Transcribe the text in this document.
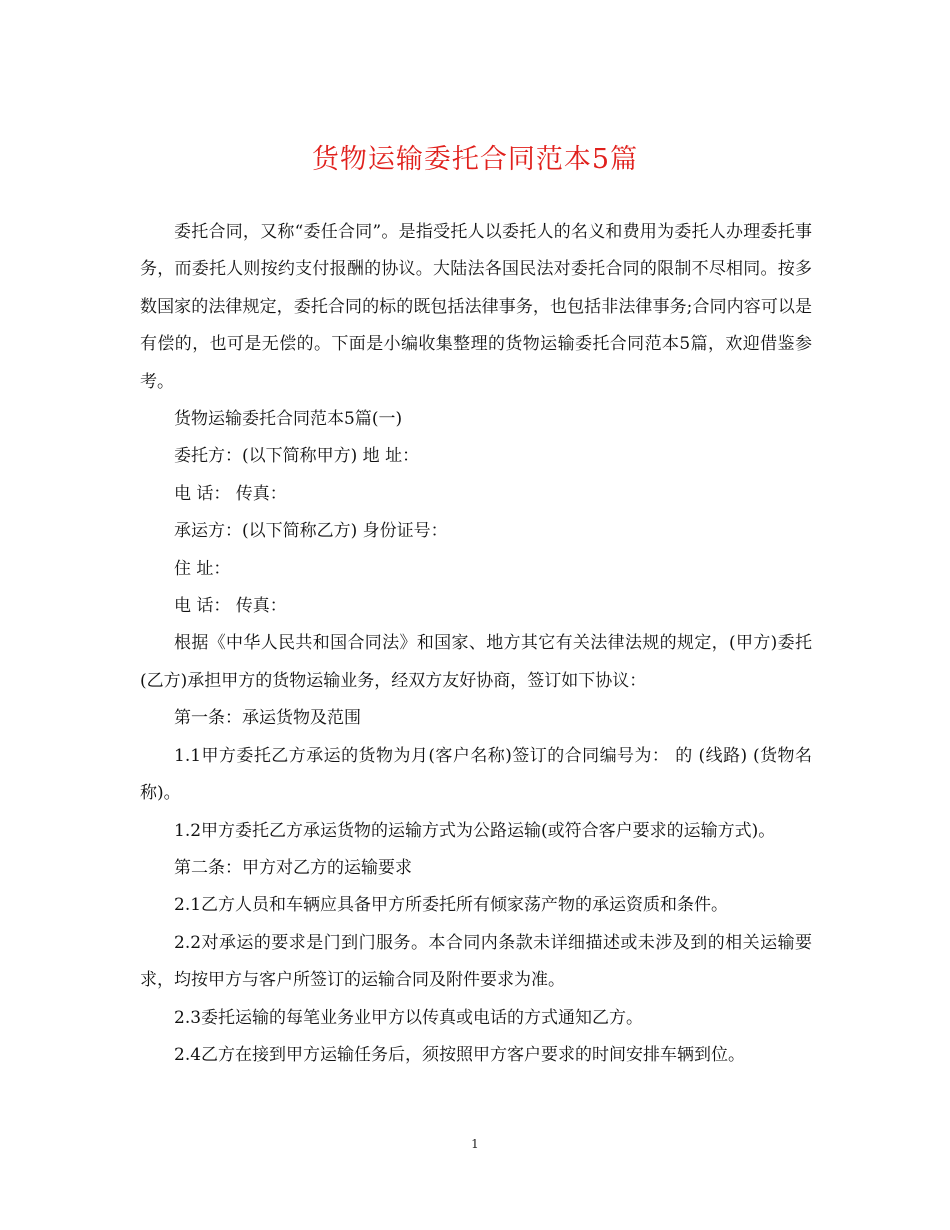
货物运输委托合同范本5篇

委托合同，又称“委任合同”。是指受托人以委托人的名义和费用为委托人办理委托事务，而委托人则按约支付报酬的协议。大陆法各国民法对委托合同的限制不尽相同。按多数国家的法律规定，委托合同的标的既包括法律事务，也包括非法律事务;合同内容可以是有偿的，也可是无偿的。下面是小编收集整理的货物运输委托合同范本5篇，欢迎借鉴参考。

货物运输委托合同范本5篇(一)

委托方：(以下简称甲方) 地 址：

电 话： 传真：

承运方：(以下简称乙方) 身份证号：

住 址：

电 话： 传真：

根据《中华人民共和国合同法》和国家、地方其它有关法律法规的规定，(甲方)委托 (乙方)承担甲方的货物运输业务，经双方友好协商，签订如下协议：

第一条：承运货物及范围

1.1甲方委托乙方承运的货物为月(客户名称)签订的合同编号为： 的 (线路) (货物名称)。

1.2甲方委托乙方承运货物的运输方式为公路运输(或符合客户要求的运输方式)。

第二条：甲方对乙方的运输要求

2.1乙方人员和车辆应具备甲方所委托所有倾家荡产物的承运资质和条件。

2.2对承运的要求是门到门服务。本合同内条款未详细描述或未涉及到的相关运输要求，均按甲方与客户所签订的运输合同及附件要求为准。

2.3委托运输的每笔业务业甲方以传真或电话的方式通知乙方。

2.4乙方在接到甲方运输任务后，须按照甲方客户要求的时间安排车辆到位。

1
